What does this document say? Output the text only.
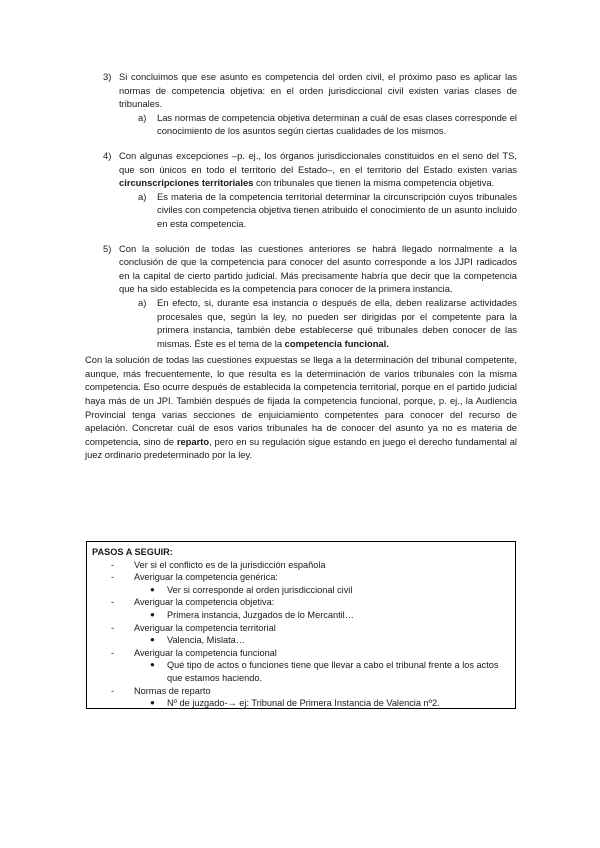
3) Si concluimos que ese asunto es competencia del orden civil, el próximo paso es aplicar las normas de competencia objetiva: en el orden jurisdiccional civil existen varias clases de tribunales.
a) Las normas de competencia objetiva determinan a cuál de esas clases corresponde el conocimiento de los asuntos según ciertas cualidades de los mismos.
4) Con algunas excepciones –p. ej., los órganos jurisdiccionales constituidos en el seno del TS, que son únicos en todo el territorio del Estado–, en el territorio del Estado existen varias circunscripciones territoriales con tribunales que tienen la misma competencia objetiva.
a) Es materia de la competencia territorial determinar la circunscripción cuyos tribunales civiles con competencia objetiva tienen atribuido el conocimiento de un asunto incluido en esta competencia.
5) Con la solución de todas las cuestiones anteriores se habrá llegado normalmente a la conclusión de que la competencia para conocer del asunto corresponde a los JJPI radicados en la capital de cierto partido judicial. Más precisamente habría que decir que la competencia que ha sido establecida es la competencia para conocer de la primera instancia.
a) En efecto, si, durante esa instancia o después de ella, deben realizarse actividades procesales que, según la ley, no pueden ser dirigidas por el competente para la primera instancia, también debe establecerse qué tribunales deben conocer de las mismas. Éste es el tema de la competencia funcional.

Con la solución de todas las cuestiones expuestas se llega a la determinación del tribunal competente, aunque, más frecuentemente, lo que resulta es la determinación de varios tribunales con la misma competencia. Eso ocurre después de establecida la competencia territorial, porque en el partido judicial haya más de un JPI. También después de fijada la competencia funcional, porque, p. ej., la Audiencia Provincial tenga varias secciones de enjuiciamiento competentes para conocer del recurso de apelación. Concretar cuál de esos varios tribunales ha de conocer del asunto ya no es materia de competencia, sino de reparto, pero en su regulación sigue estando en juego el derecho fundamental al juez ordinario predeterminado por la ley.

PASOS A SEGUIR:
- Ver si el conflicto es de la jurisdicción española
- Averiguar la competencia genérica:
● Ver si corresponde al orden jurisdiccional civil
- Averiguar la competencia objetiva:
● Primera instancia, Juzgados de lo Mercantil…
- Averiguar la competencia territorial
● Valencia, Mislata…
- Averiguar la competencia funcional
● Qué tipo de actos o funciones tiene que llevar a cabo el tribunal frente a los actos que estamos haciendo.
- Normas de reparto
● Nº de juzgado-→ ej: Tribunal de Primera Instancia de Valencia nº2.
